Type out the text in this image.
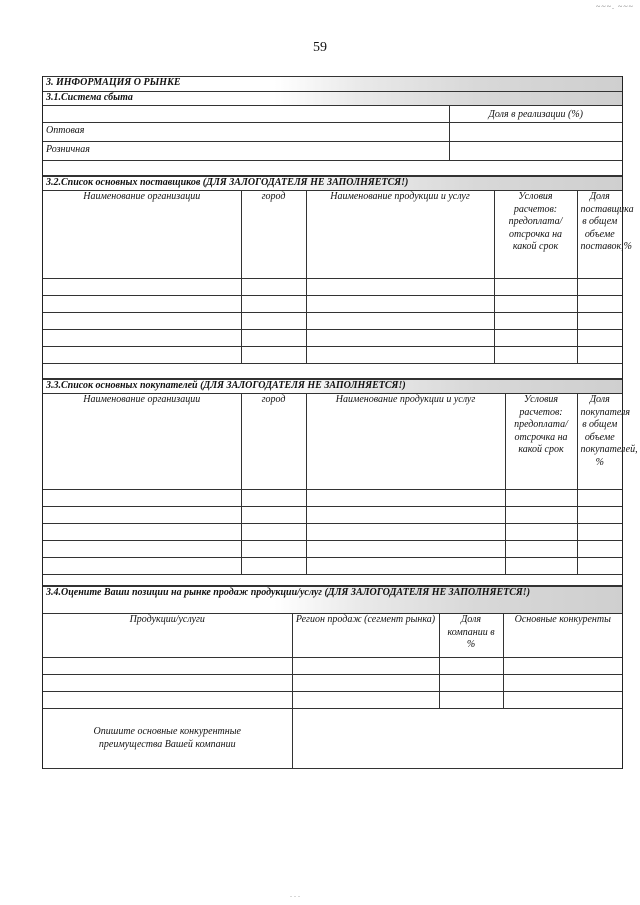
~~~. ~~~
59
3. ИНФОРМАЦИЯ О РЫНКЕ	
3.1.Система сбыта	
	Доля в реализации (%)
Оптовая	
Розничная	

3.2.Список основных поставщиков (ДЛЯ ЗАЛОГОДАТЕЛЯ НЕ ЗАПОЛНЯЕТСЯ!)				
Наименование организации	город	Наименование продукции и услуг	Условия расчетов: предоплата/ отсрочка на какой срок	Доля поставщика в общем объеме поставок,%

3.3.Список основных покупателей (ДЛЯ ЗАЛОГОДАТЕЛЯ НЕ ЗАПОЛНЯЕТСЯ!)				
Наименование организации	город	Наименование продукции и услуг	Условия расчетов: предоплата/ отсрочка на какой срок	Доля покупателя в общем объеме покупателей, %

3.4.Оцените Ваши позиции на рынке продаж продукции/услуг (ДЛЯ ЗАЛОГОДАТЕЛЯ НЕ ЗАПОЛНЯЕТСЯ!)			
Продукции/услуги	Регион продаж (сегмент рынка)	Доля компании в %	Основные конкуренты

Опишите основные конкурентные преимущества Вашей компании			
. . .
